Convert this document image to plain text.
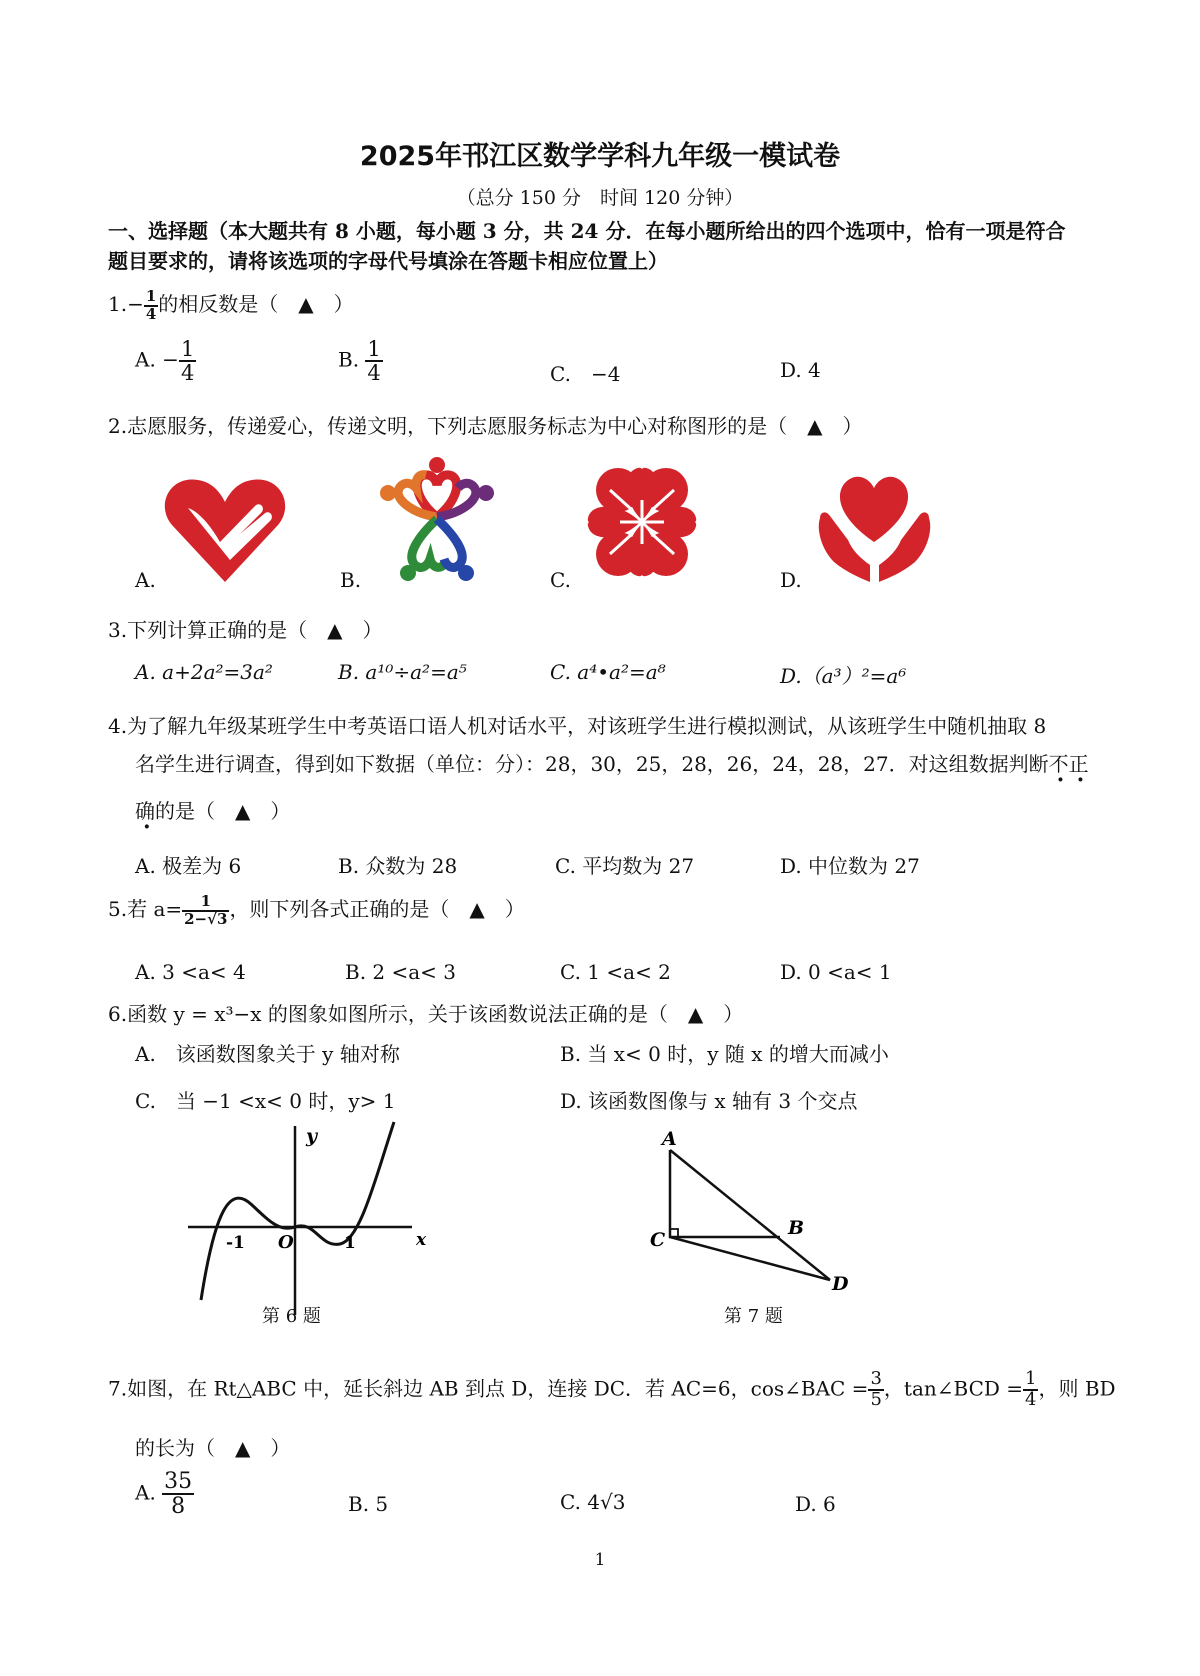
2025年邗江区数学学科九年级一模试卷
（总分 150 分　时间 120 分钟）
一、选择题（本大题共有 8 小题，每小题 3 分，共 24 分．在每小题所给出的四个选项中，恰有一项是符合
题目要求的，请将该选项的字母代号填涂在答题卡相应位置上）
$1.- \frac{1}{4}$ 的相反数是（　▲　）
A. − $\frac{1}{4}$	B. $\frac{1}{4}$	C.　−4	D. 4
2.志愿服务，传递爱心，传递文明，下列志愿服务标志为中心对称图形的是（　▲　）
A.	B.	C.	D.
3.下列计算正确的是（　▲　）
A. a+2a²=3a²	B. a¹⁰÷a²=a⁵	C. a⁴•a²=a⁸	D.（a³）²=a⁶
4.为了解九年级某班学生中考英语口语人机对话水平，对该班学生进行模拟测试，从该班学生中随机抽取 8
名学生进行调查，得到如下数据（单位：分）：28，30，25，28，26，24，28，27．对这组数据判断不正
确的是（　▲　）
A. 极差为 6	B. 众数为 28	C. 平均数为 27	D. 中位数为 27
5.若 $a= \frac{1}{2-√3}$ ，则下列各式正确的是（　▲　）
A. 3 <a< 4	B. 2 <a< 3	C. 1 <a< 2	D. 0 <a< 1
6.函数 y = x³−x 的图象如图所示，关于该函数说法正确的是（　▲　）
A.　该函数图象关于 y 轴对称	B. 当 x< 0 时，y 随 x 的增大而减小
C.　当 −1 <x< 0 时，y> 1	D. 该函数图像与 x 轴有 3 个交点
y
x
O
-1	1
第 6 题
A
B
C
D
第 7 题
7.如图，在 Rt△ABC 中，延长斜边 AB 到点 D，连接 DC．若 AC=6，cos∠BAC = $\frac{3}{5}$ ，tan∠BCD = $\frac{1}{4}$ ，则 BD
的长为（　▲　）
A. $\frac{35}{8}$	B. 5	C. 4√3	D. 6
1
